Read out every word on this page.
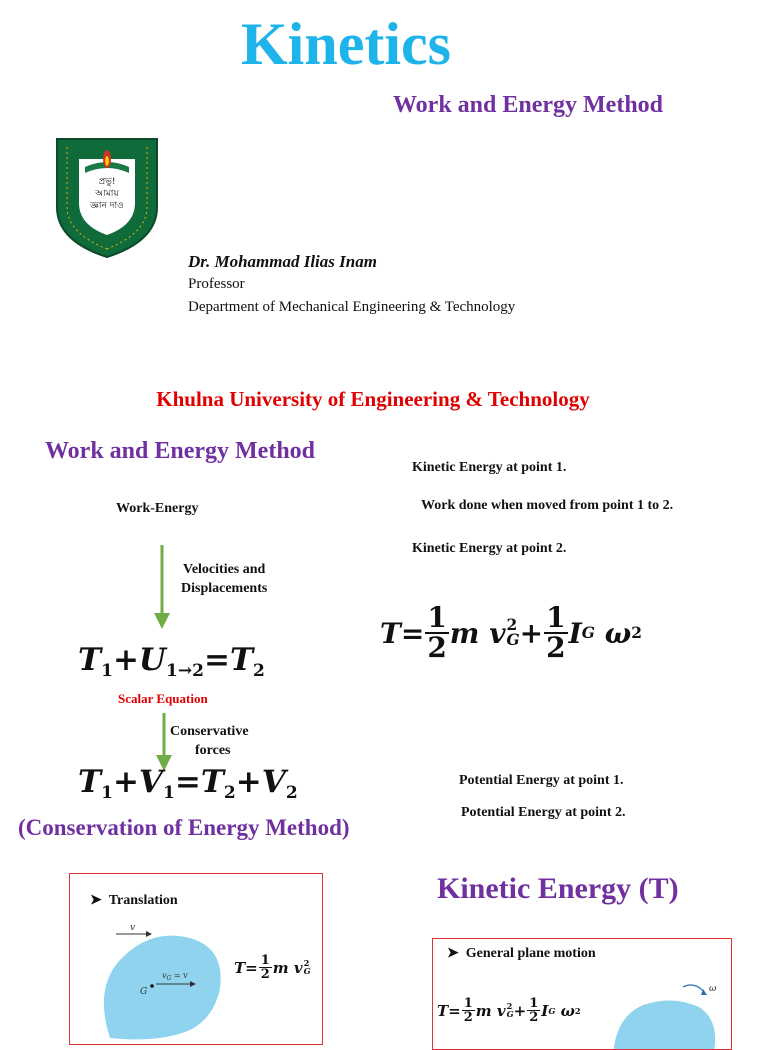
Kinetics
Work and Energy Method
প্রভু!
আমায়
জ্ঞান দাও
Dr. Mohammad Ilias Inam
Professor
Department of Mechanical Engineering & Technology
Khulna University of Engineering & Technology
Work and Energy Method
Work-Energy
Velocities and
Displacements
$T_1+U_{1\to 2}=T_2$
Scalar Equation
Conservative
forces
$T_1+V_1=T_2+V_2$
(Conservation of Energy Method)
Kinetic Energy at point 1.
Work done when moved from point 1 to 2.
Kinetic Energy at point 2.
$T = \frac{1}{2}$ m
v 2
$G + \frac{1}{2}$ I G
ω 2
Potential Energy at point 1.
Potential Energy at point 2.
Kinetic Energy (T)
➤ Translation
v
G
$v_G = v$	$T = \frac{1}{2}$ m
v 2
G
➤ General plane motion
$T = \frac{1}{2}$ m
v 2
$G + \frac{1}{2}$ I G
ω 2
ω
